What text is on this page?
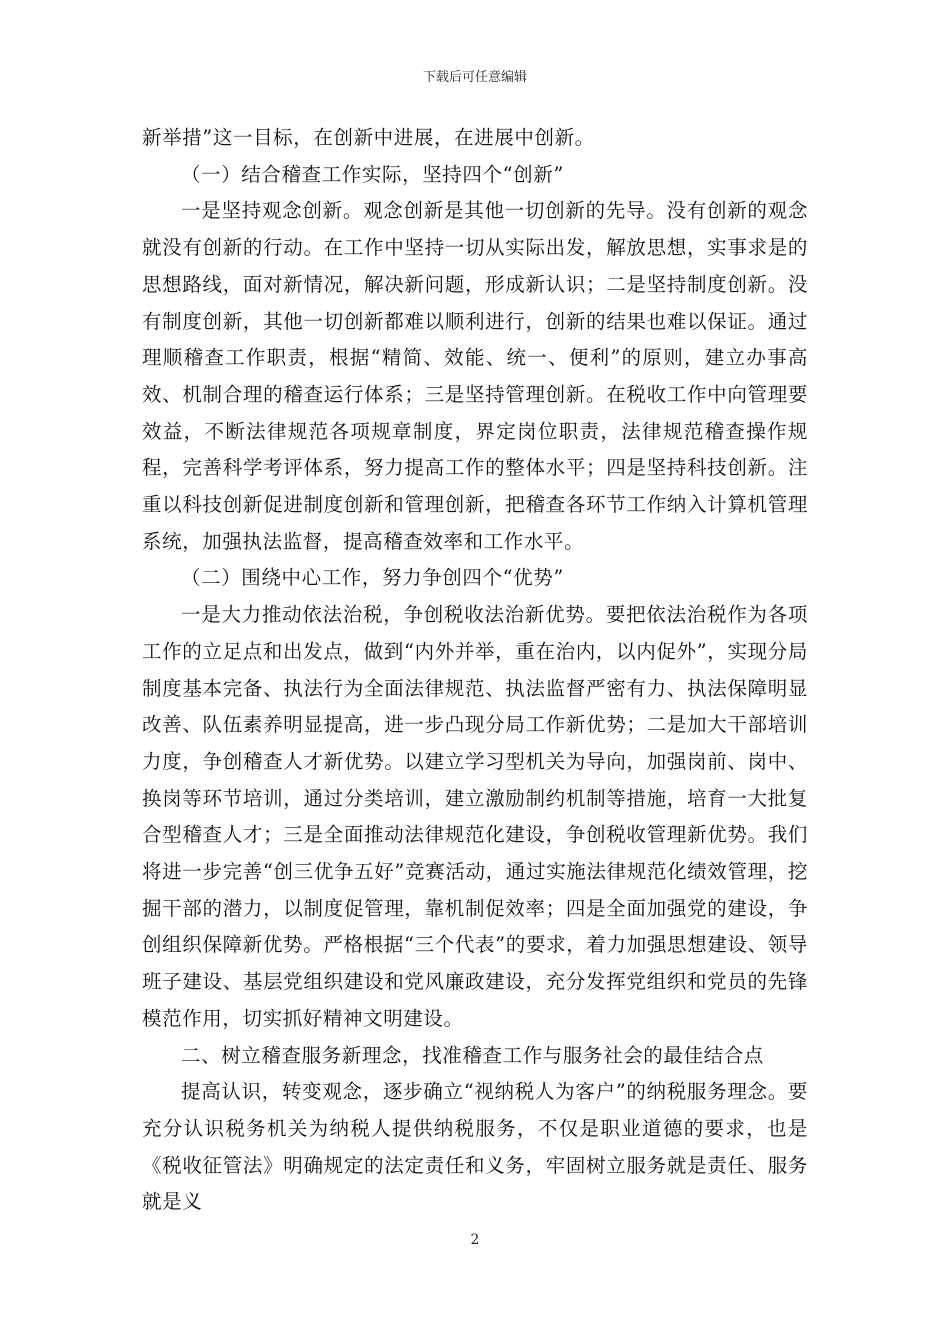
下载后可任意编辑

新举措”这一目标，在创新中进展，在进展中创新。

（一）结合稽查工作实际，坚持四个“创新”

一是坚持观念创新。观念创新是其他一切创新的先导。没有创新的观念就没有创新的行动。在工作中坚持一切从实际出发，解放思想，实事求是的思想路线，面对新情况，解决新问题，形成新认识；二是坚持制度创新。没有制度创新，其他一切创新都难以顺利进行，创新的结果也难以保证。通过理顺稽查工作职责，根据“精简、效能、统一、便利”的原则，建立办事高效、机制合理的稽查运行体系；三是坚持管理创新。在税收工作中向管理要效益，不断法律规范各项规章制度，界定岗位职责，法律规范稽查操作规程，完善科学考评体系，努力提高工作的整体水平；四是坚持科技创新。注重以科技创新促进制度创新和管理创新，把稽查各环节工作纳入计算机管理系统，加强执法监督，提高稽查效率和工作水平。

（二）围绕中心工作，努力争创四个“优势”

一是大力推动依法治税，争创税收法治新优势。要把依法治税作为各项工作的立足点和出发点，做到“内外并举，重在治内，以内促外”，实现分局制度基本完备、执法行为全面法律规范、执法监督严密有力、执法保障明显改善、队伍素养明显提高，进一步凸现分局工作新优势；二是加大干部培训力度，争创稽查人才新优势。以建立学习型机关为导向，加强岗前、岗中、换岗等环节培训，通过分类培训，建立激励制约机制等措施，培育一大批复合型稽查人才；三是全面推动法律规范化建设，争创税收管理新优势。我们将进一步完善“创三优争五好”竞赛活动，通过实施法律规范化绩效管理，挖掘干部的潜力，以制度促管理，靠机制促效率；四是全面加强党的建设，争创组织保障新优势。严格根据“三个代表”的要求，着力加强思想建设、领导班子建设、基层党组织建设和党风廉政建设，充分发挥党组织和党员的先锋模范作用，切实抓好精神文明建设。

二、树立稽查服务新理念，找准稽查工作与服务社会的最佳结合点

提高认识，转变观念，逐步确立“视纳税人为客户”的纳税服务理念。要充分认识税务机关为纳税人提供纳税服务，不仅是职业道德的要求，也是《税收征管法》明确规定的法定责任和义务，牢固树立服务就是责任、服务就是义

2
